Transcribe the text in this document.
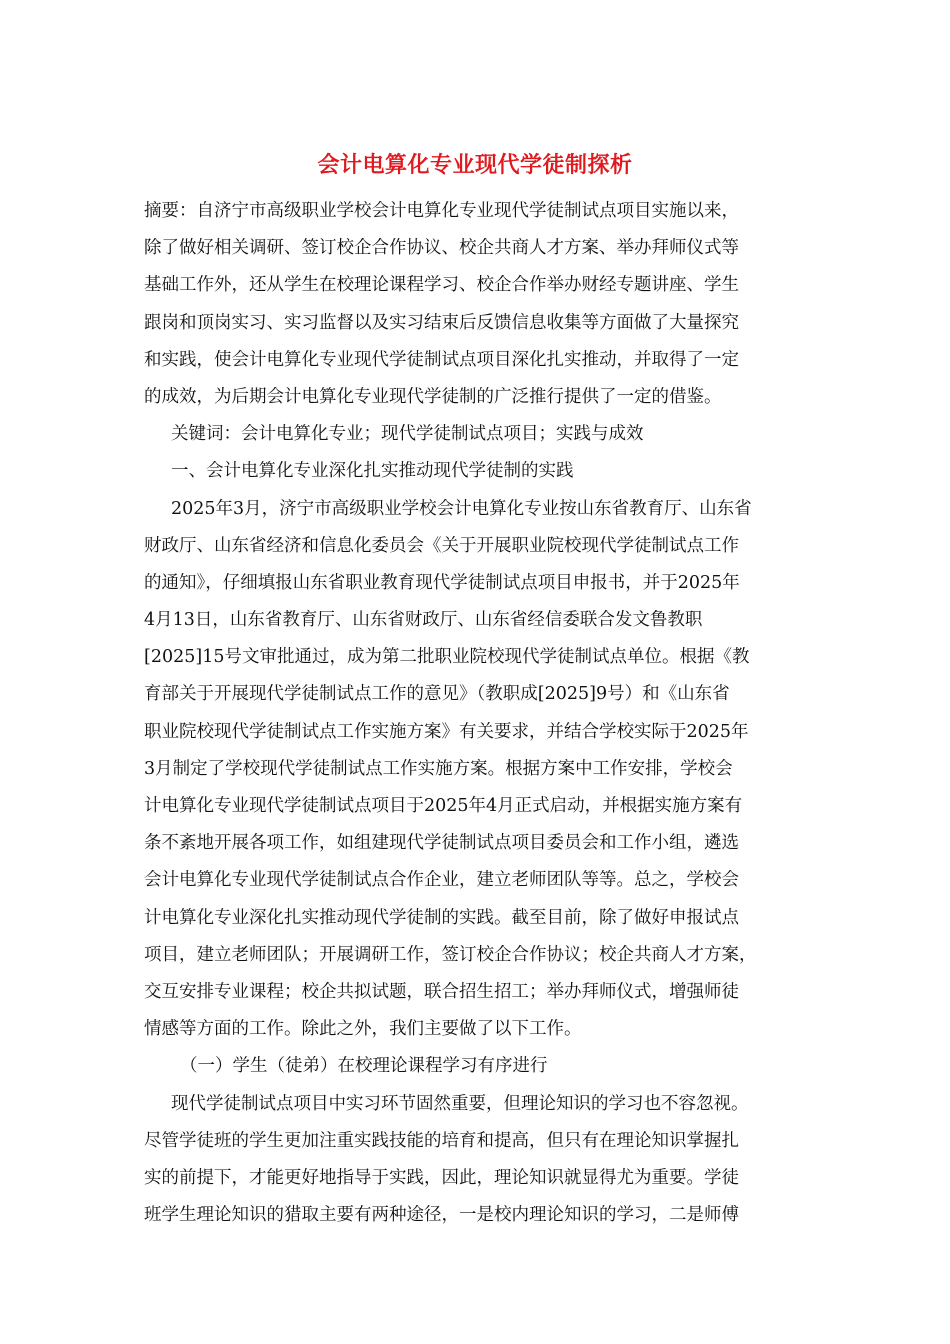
会计电算化专业现代学徒制探析

摘要：自济宁市高级职业学校会计电算化专业现代学徒制试点项目实施以来，

除了做好相关调研、签订校企合作协议、校企共商人才方案、举办拜师仪式等

基础工作外，还从学生在校理论课程学习、校企合作举办财经专题讲座、学生

跟岗和顶岗实习、实习监督以及实习结束后反馈信息收集等方面做了大量探究

和实践，使会计电算化专业现代学徒制试点项目深化扎实推动，并取得了一定

的成效，为后期会计电算化专业现代学徒制的广泛推行提供了一定的借鉴。

关键词：会计电算化专业；现代学徒制试点项目；实践与成效

一、会计电算化专业深化扎实推动现代学徒制的实践

2025年3月，济宁市高级职业学校会计电算化专业按山东省教育厅、山东省

财政厅、山东省经济和信息化委员会《关于开展职业院校现代学徒制试点工作

的通知》，仔细填报山东省职业教育现代学徒制试点项目申报书，并于2025年

4月13日，山东省教育厅、山东省财政厅、山东省经信委联合发文鲁教职

[2025]15号文审批通过，成为第二批职业院校现代学徒制试点单位。根据《教

育部关于开展现代学徒制试点工作的意见》（教职成[2025]9号）和《山东省

职业院校现代学徒制试点工作实施方案》有关要求，并结合学校实际于2025年

3月制定了学校现代学徒制试点工作实施方案。根据方案中工作安排，学校会

计电算化专业现代学徒制试点项目于2025年4月正式启动，并根据实施方案有

条不紊地开展各项工作，如组建现代学徒制试点项目委员会和工作小组，遴选

会计电算化专业现代学徒制试点合作企业，建立老师团队等等。总之，学校会

计电算化专业深化扎实推动现代学徒制的实践。截至目前，除了做好申报试点

项目，建立老师团队；开展调研工作，签订校企合作协议；校企共商人才方案，

交互安排专业课程；校企共拟试题，联合招生招工；举办拜师仪式，增强师徒

情感等方面的工作。除此之外，我们主要做了以下工作。

（一）学生（徒弟）在校理论课程学习有序进行

现代学徒制试点项目中实习环节固然重要，但理论知识的学习也不容忽视。

尽管学徒班的学生更加注重实践技能的培育和提高，但只有在理论知识掌握扎

实的前提下，才能更好地指导于实践，因此，理论知识就显得尤为重要。学徒

班学生理论知识的猎取主要有两种途径，一是校内理论知识的学习，二是师傅
